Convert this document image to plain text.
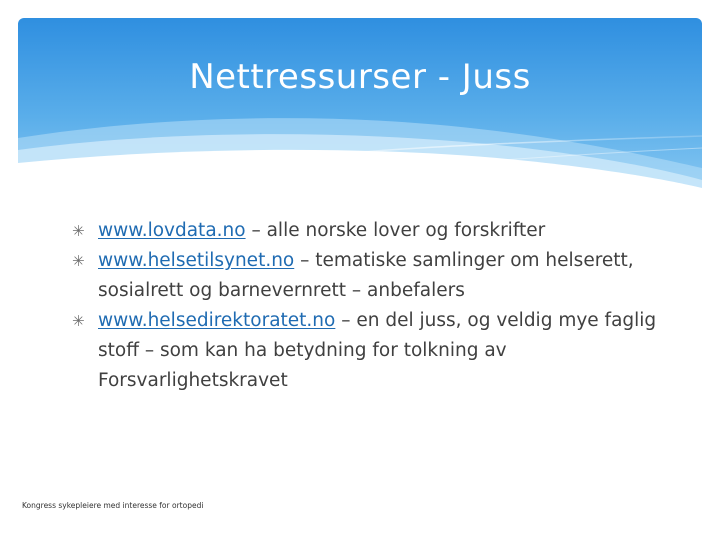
Nettressurser - Juss
✳ www.lovdata.no – alle norske lover og forskrifter
✳ www.helsetilsynet.no – tematiske samlinger om helserett, sosialrett og barnevernrett – anbefalers
✳ www.helsedirektoratet.no – en del juss, og veldig mye faglig stoff – som kan ha betydning for tolkning av Forsvarlighetskravet
Kongress sykepleiere med interesse for ortopedi
